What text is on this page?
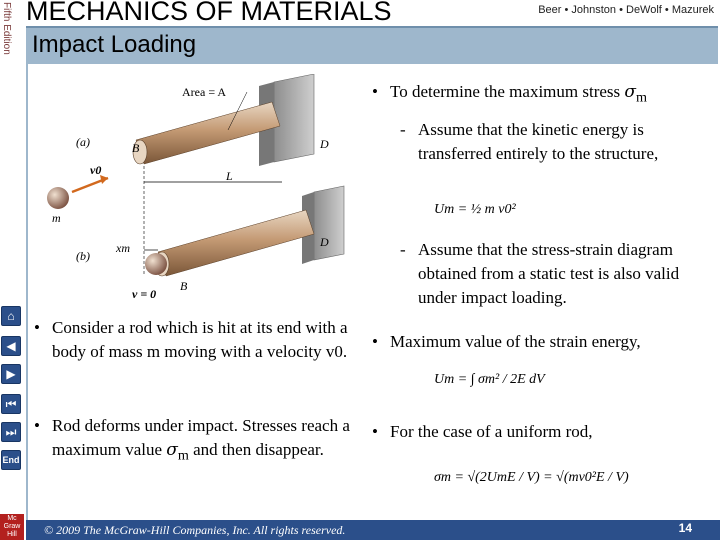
Fifth Edition MECHANICS OF MATERIALS	Beer • Johnston • DeWolf • Mazurek
Impact Loading
Area = A
(a)	B	D
L
v0
m
xm
(b)
D
B
v = 0
• To determine the maximum stress $\sigma_m$
- Assume that the kinetic energy is transferred entirely to the structure,
Um = ½ m v0²
- Assume that the stress-strain diagram obtained from a static test is also valid under impact loading.
• Maximum value of the strain energy,
Um = ∫ σm² / 2E dV
• For the case of a uniform rod,
σm = √(2UmE / V) = √(mv0²E / V)
• Consider a rod which is hit at its end with a body of mass m moving with a velocity v0.
• Rod deforms under impact. Stresses reach a maximum value $\sigma_m$ and then disappear.
⌂
◀
▶
⏮
⏭
End
Mc Graw Hill	© 2009 The McGraw-Hill Companies, Inc. All rights reserved.	14
